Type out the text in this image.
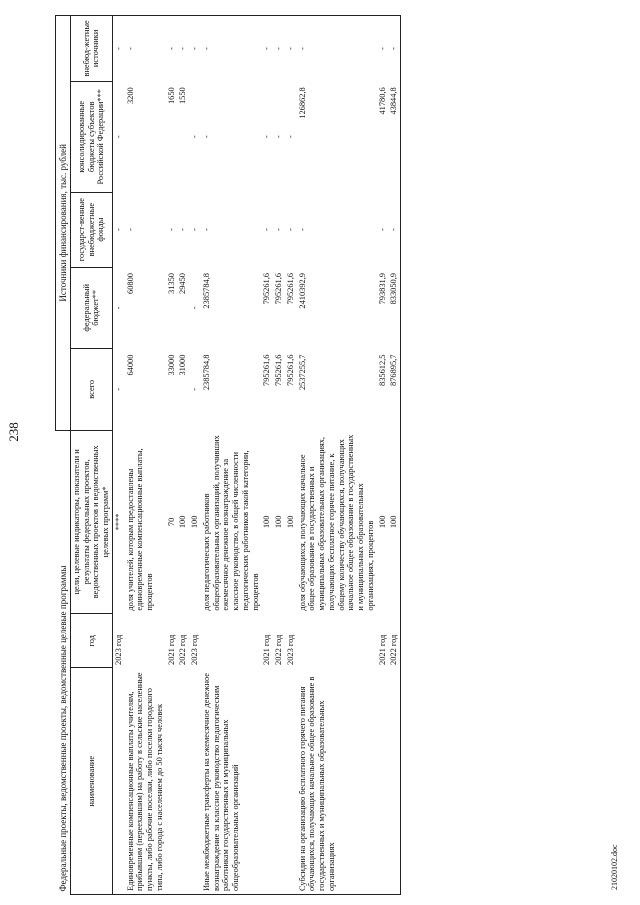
238
21020102.doc
Федеральные проекты, ведомственные проекты, ведомственные целевые программы			Источники финансирования, тыс. рублей				
наименование	год	цели, целевые индикаторы, показатели и результаты федеральных проектов, ведомственных проектов и ведомственных целевых программ*	всего	федеральный бюджет**	государст-венные внебюджетные фонды	консолидированные бюджеты субъектов Российской Федерации***	внебюд-жетные источники
	2023 год	****	-	-	-	-	-
Единовременные компенсационные выплаты учителям, прибывшим (переехавшим) на работу в сельские населенные пункты, либо рабочие поселки, либо поселки городского типа, либо города с населением до 50 тысяч человек		доля учителей, которым предоставлены единовременные компенсационные выплаты, процентов	64000	60800	-	3200	-
	2021 год	70	33000	31350	-	1650	-
	2022 год	100	31000	29450	-	1550	-
	2023 год	100	-	-	-	-	-
Иные межбюджетные трансферты на ежемесячное денежное вознаграждение за классное руководство педагогическим работникам государственных и муниципальных общеобразовательных организаций		доля педагогических работников общеобразовательных организаций, получивших ежемесячное денежное вознаграждение за классное руководство, в общей численности педагогических работников такой категории, процентов	2385784,8	2385784,8	-	-	-
	2021 год	100	795261,6	795261,6	-	-	-
	2022 год	100	795261,6	795261,6	-	-	-
	2023 год	100	795261,6	795261,6	-	-	-
Субсидии на организацию бесплатного горячего питания обучающихся, получающих начальное общее образование в государственных и муниципальных образовательных организациях		доля обучающихся, получающих начальное общее образование в государственных и муниципальных образовательных организациях, получающих бесплатное горячее питание, к общему количеству обучающихся, получающих начальное общее образование в государственных и муниципальных образовательных организациях, процентов	2537255,7	2410392,9	-	126862,8	-
	2021 год	100	835612,5	793831,9	-	41780,6	-
	2022 год	100	876895,7	833050,9	-	43844,8	-
